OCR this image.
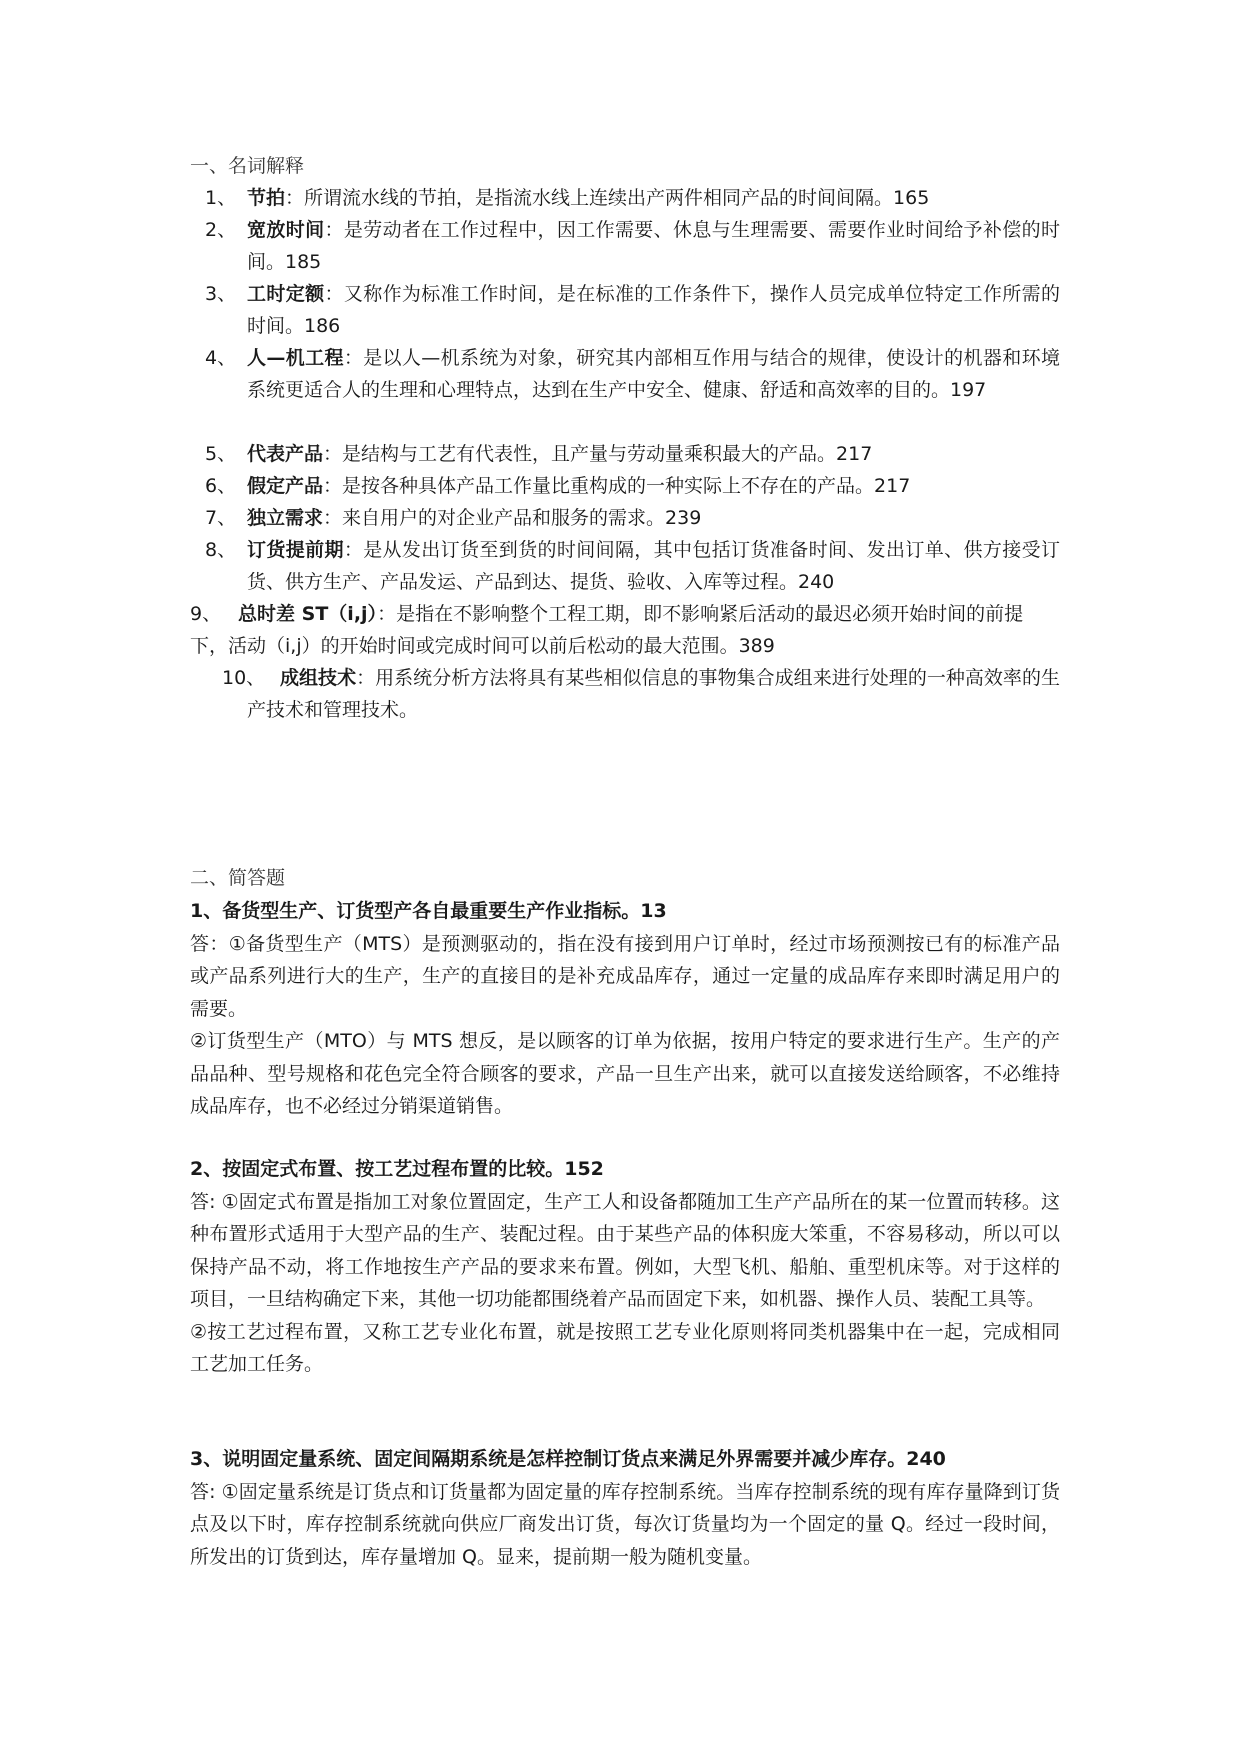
一、名词解释
1、 节拍：所谓流水线的节拍，是指流水线上连续出产两件相同产品的时间间隔。165
2、 宽放时间：是劳动者在工作过程中，因工作需要、休息与生理需要、需要作业时间给予补偿的时间。185
3、 工时定额：又称作为标准工作时间，是在标准的工作条件下，操作人员完成单位特定工作所需的时间。186
4、 人—机工程：是以人—机系统为对象，研究其内部相互作用与结合的规律，使设计的机器和环境系统更适合人的生理和心理特点，达到在生产中安全、健康、舒适和高效率的目的。197
5、 代表产品：是结构与工艺有代表性，且产量与劳动量乘积最大的产品。217
6、 假定产品：是按各种具体产品工作量比重构成的一种实际上不存在的产品。217
7、 独立需求：来自用户的对企业产品和服务的需求。239
8、 订货提前期：是从发出订货至到货的时间间隔，其中包括订货准备时间、发出订单、供方接受订货、供方生产、产品发运、产品到达、提货、验收、入库等过程。240
9、 总时差 ST（i,j）：是指在不影响整个工程工期，即不影响紧后活动的最迟必须开始时间的前提下，活动（i,j）的开始时间或完成时间可以前后松动的最大范围。389
10、 成组技术：用系统分析方法将具有某些相似信息的事物集合成组来进行处理的一种高效率的生产技术和管理技术。
二、简答题

1、备货型生产、订货型产各自最重要生产作业指标。13

答：①备货型生产（MTS）是预测驱动的，指在没有接到用户订单时，经过市场预测按已有的标准产品或产品系列进行大的生产，生产的直接目的是补充成品库存，通过一定量的成品库存来即时满足用户的需要。

②订货型生产（MTO）与 MTS 想反，是以顾客的订单为依据，按用户特定的要求进行生产。生产的产品品种、型号规格和花色完全符合顾客的要求，产品一旦生产出来，就可以直接发送给顾客，不必维持成品库存，也不必经过分销渠道销售。

2、按固定式布置、按工艺过程布置的比较。152

答: ①固定式布置是指加工对象位置固定，生产工人和设备都随加工生产产品所在的某一位置而转移。这种布置形式适用于大型产品的生产、装配过程。由于某些产品的体积庞大笨重，不容易移动，所以可以保持产品不动，将工作地按生产产品的要求来布置。例如，大型飞机、船舶、重型机床等。对于这样的项目，一旦结构确定下来，其他一切功能都围绕着产品而固定下来，如机器、操作人员、装配工具等。

②按工艺过程布置，又称工艺专业化布置，就是按照工艺专业化原则将同类机器集中在一起，完成相同工艺加工任务。

3、说明固定量系统、固定间隔期系统是怎样控制订货点来满足外界需要并减少库存。240

答: ①固定量系统是订货点和订货量都为固定量的库存控制系统。当库存控制系统的现有库存量降到订货点及以下时，库存控制系统就向供应厂商发出订货，每次订货量均为一个固定的量 Q。经过一段时间，所发出的订货到达，库存量增加 Q。显来，提前期一般为随机变量。
